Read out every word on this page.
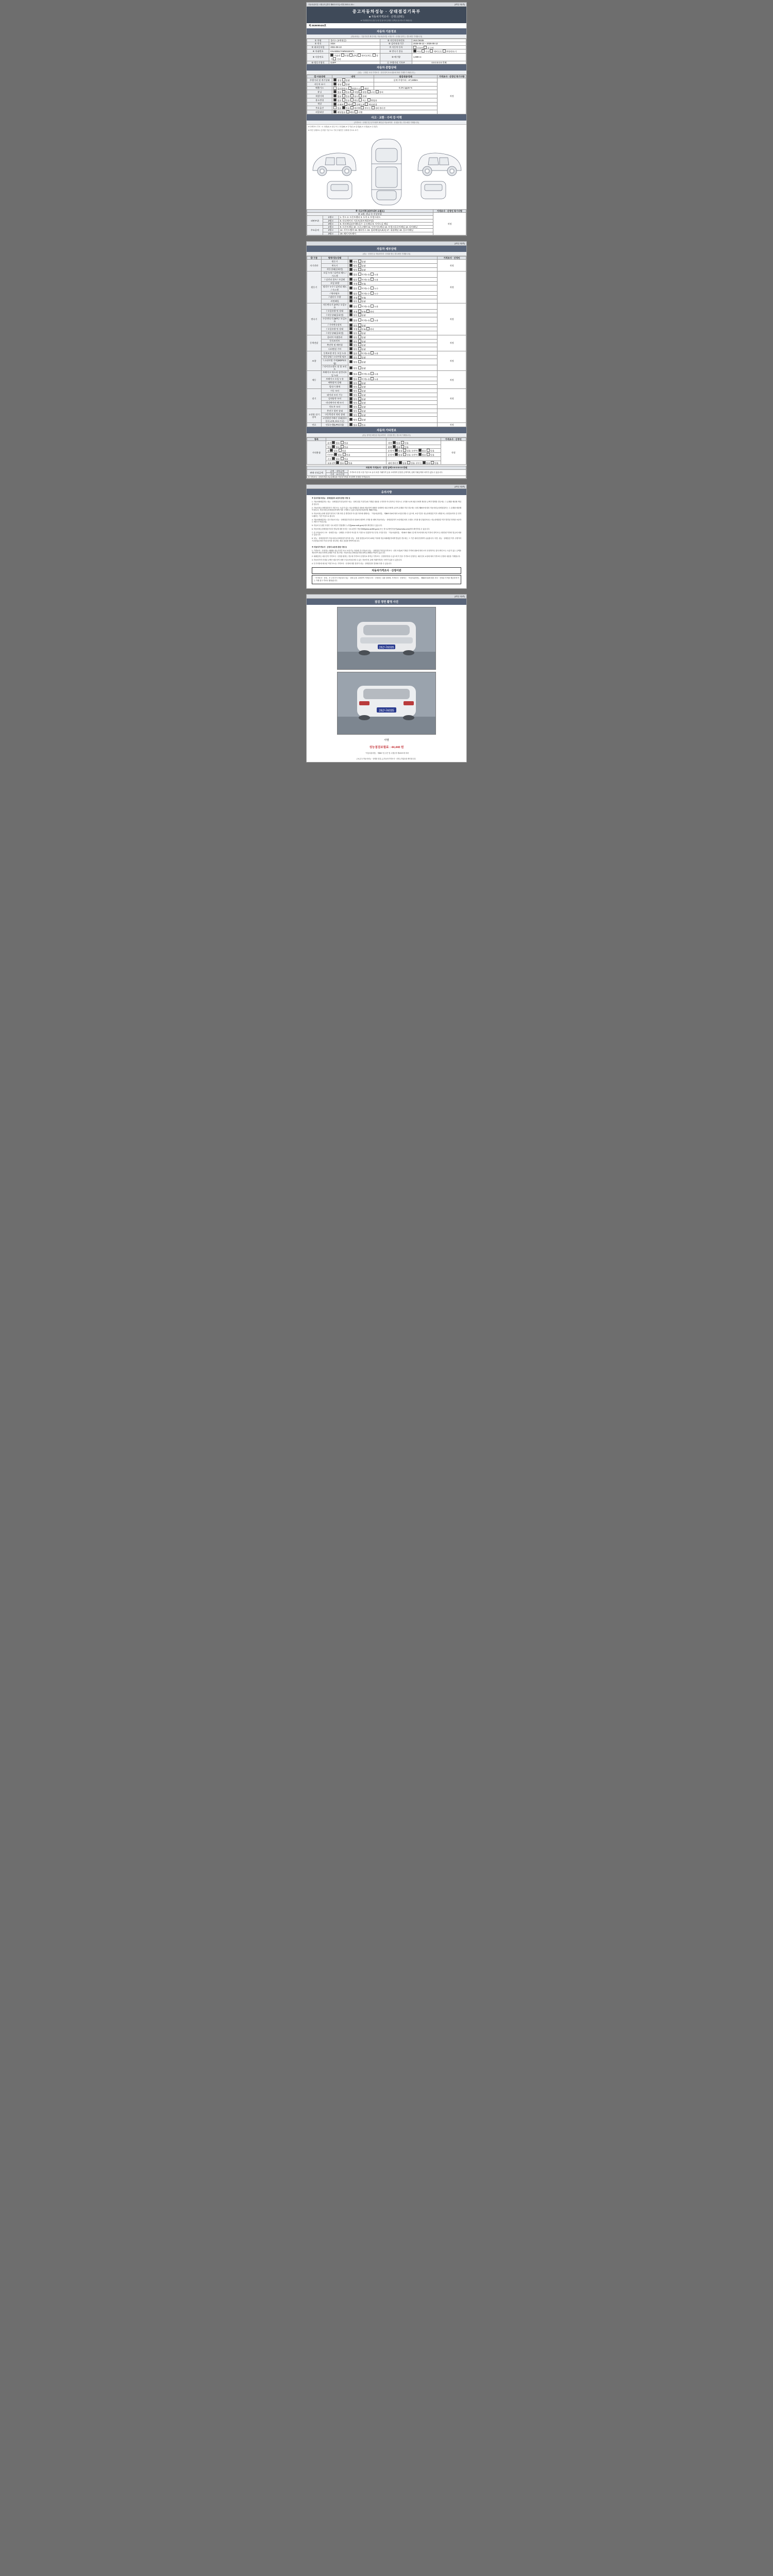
자동차관리법 시행규칙 [별지 제82호서식] <개정 2021.1.15.>	(3쪽중 제1쪽)
중고자동차성능 · 상태점검기록부
■ 자동차가격조사 · 산정 (선택 )
※ 작성방법이나 관련 규정 및 용어의 설명은 뒤쪽을 참고하시기 바랍니다.
제 2526000434호
자동차 기본정보
(자동차성능 · 기술기록부 확인사항, 자동차관리법 시행규칙 : 산정물 불이는 경우에만 기재합니다)
① 차명	쏠라스 (4세대급)	⑤ 자동차등록번호	262냐6035
② 연식	2024	⑥ 검사유효기간	2025-06-13 ~ 2026-06-12
③ 최초등록일	2021-06-13	⑦ 자동차 등록	신조차 중고차
④ 차대번호	KNAEB5171MN6150471	⑧ 변속기 종류	자동 수동 세미오토 무단변속기
⑨ 사용연료	가솔린 디젤 LPG 하이브리드 전기 기타	⑩ 배기량	1,598 cc
⑩ 원동기형식	G4FP	⑪ 주행거리 기록부	0 0 0 0 0 0 번째
자동차 종합상태
(성능 · 주행중 오차 가격조사 · 산정 항목 표시내용에 따라 기재하기 바랍니다.)
⑫ 사용상태	내역	점검내용/상태	가격조사 · 산정인 특기사항
주행거리 및 계기상태	정상 불량	실제 주행거리 : 47,183km	적정
자동차 표시	정상 불량		
배출가스	일산화탄소 탄화수소 매연	0.2% 1ppm %	
튜닝	없음 있음 적법 불법 구조 장치		
특별이력	없음 있음 침수 화재		
용도변경	없음 있음 렌트 리스 영업용		
색상	무채색 채색 전체도색 색상변경		
주요옵션	없음 있음 에어백 썬루프 내비게이션		
리콜대상	해당없음 해당 이행		
사고 · 교환 · 수리 등 이력
(가격조사 · 산정인 및 특기사항이 확인된 자동차이력 · 산정을 받는 경우에만 기재합니다)
※ 상태표시 부호 : ① 교환(X) ② 판금 또는 용접(W) ③ 부식(C) ④ 흠집(A) ⑤ 요철(U) ⑥ 손상(T)
※ 하단 상태표시 숫자를 기준으로 기록 부위만은 상태에 부호로 표기
※ 사고이력 (외부/내부 요철도)			가격조사 · 산정인 특기사항
※ 교환, 판금 등 이상부위			적정
외판부위	1랭크	1. 후드 2. 프론트휀더 3. 도어 4. 트렁크리드	
	2랭크	5. 라디에이터 서포트(볼트체결부품)	
	3랭크	6. 쿼터패널(리어휀더) 7. 루프패널 8. 사이드실 패널	
주요골격	1랭크	9. 프론트패널 10. 크로스멤버 11. 인사이드패널 12. 트렁크플로어패널 13. 리어패널	
	2랭크	14. 사이드멤버 15. 휠하우스 16. 필러패널(A,B,C) 17. 대쉬패널 18. 플로어패널	
	3랭크	19. 패키지트레이	
(3쪽중 제2쪽)
자동차 세부상태
(성능 · 산정인 등 자동차이력 · 산정을 받는 경우에만 기재합니다)
⑬ 구분	항목/성능상태		가격조사 · 산정인
자기진단	원동기	양호 불량	적정
	변속기	양호 불량	
	작동상태(공회전)	양호 불량	
원동기	오일 누유 / 실린더 헤드 / 가스켓	없음 미세누유 누유	적정
	/ 실린더 블록 / 오일팬	없음 미세누유 누유	
	오일 유량	적정 부족	
	냉각수 누수 / 실린더 헤드 / 가스켓	없음 미세누수 누수	
	/ 워터펌프	없음 미세누수 누수	
	/ 냉각수 수량	적정 부족	
	커먼레일	양호 불량	
변속기	자동변속기 (A/T) / 오일누유	없음 미세누유 누유	적정
	/ 오일유량 및 상태	적정 부족 과다	
	/ 작동상태(공회전)	양호 불량	
	수동변속기 (M/T) / 오일누유	없음 미세누유 누유	
	/ 기어변속장치	양호 불량	
	/ 오일유량 및 상태	적정 부족 과다	
	/ 작동상태(공회전)	양호 불량	
동력전달	클러치 어셈블리	양호 불량	적정
	등속조인트	양호 불량	
	추진축 및 베어링	양호 불량	
	디퍼렌셜 기어	양호 불량	
조향	동력조향 작동 오일 누유	없음 미세누유 누유	적정
	작동상태 / 스티어링 펌프	양호 불량	
	/ 스티어링 기어(MDPS포함)	양호 불량	
	/ 타이로드엔드 및 볼 조인트	양호 불량	
제동	브레이크 마스터 실린더오일 누유	없음 미세누유 누유	적정
	브레이크 오일 누유	없음 미세누유 누유	
	배력장치 상태	양호 불량	
	발전기 출력	양호 불량	
전기	시동 모터	양호 불량	적정
	와이퍼 모터 기능	양호 불량	
	실내송풍 모터	양호 불량	
	라디에이터 팬 모터	양호 불량	
	윈도우 모터	양호 불량	
고전원 전기장치	충전구 절연 상태	양호 불량	
	구동축전지 격리 상태	양호 불량	
	고전원전기배선 상태(접속단자,피복,보호기구)	양호 불량	
연료	연료누출(LPG포함)	없음 있음	적정
자동차 기타정보
(성능 항목중 확인된 자동차이력 · 산정을 받는 경우에 기재합니다)
항목			가격조사 · 산정인
사내용품	유리 없음 있음	내장 없음 있음	적정
	열선 없음 있음	광택 없음 있음	
	룸 없음 있음	운전석 없음 있음 동반석 없음 있음	
	타이어 없음 있음	운전석 없음 있음 동반석 없음 있음	
	속도 없음 있음		
	보유내역 없음 있음	네비게이션 없음 있음 선루프 없음 있음	
자동차 가격조사 · 산정 금액 0 0 0 0 0 0 만원
판매·산정금액	금액 · 내역금액	가격조사·산정 시점 기준으로 유사 차종 거래가격 등을 고려하여 산정한 금액이며, 실제 거래금액과 차이가 있을 수 있습니다.
가격 · 조사산정
※ 가격조사 · 산정자격을 보유업체일을 자동차가격을 조사하여 산정한 가격입니다.
(3쪽중 제3쪽)
유의사항
※ 중고자동차성능 · 상태점검의 보증에 관한 사항 등
1. 자동차매매업자는 성능 · 상태점검기록부(이하 '성능 · 상태 점검 기록부')에 기재된 내용을 고지하지 아니하거나 거짓으로 고지할으로써 매수인에게 재산상 금액가 발생한 경우에는 그 손해를 배상할 책임을 집니다.
2. 자동차성능상태점검자가 거짓 또는 오류가 있는 성능상태점검 내용을 제공하여 대배의 상대방인 매수인에게 금전적 손해를 끼친 경우에는 상법 제69조에 따라 자동차성능상태점검자는 그 손해를 배상해야 합니다. 자동차성능상태점검자에게 이를 구성할 수 있습니다(자동차관리법 제58조의4).
3. 자동차성능상태 점검기록부의 기재 사항 중 발견되지 아니한 하자에 대해서는 「자동차관리법」 제58조의4에 따라 보증을 받을 수 있으며, 보증기간은 성능상태점검 이후 1개월 또는 2천킬로미터 중 먼저 도래하는 기간 이상으로 합니다.
4. 자동차매매업자는 중고자동차 성능 · 상태점검기록부의 내용에 대하여 고객을 볼 때에 자동차성능 · 상태점검자가 보증범위 외의 고장을 고지를 합니다(단서로는 성능상태점검 이후 발견된 하자를 보증하는 제도가 아닙니다).
5. 자동차 선 관련 사항은 국토교통부 민원센터 누리집(www.molit.go.kr)에서 확인할 수 있습니다.
6. 자동차성능상태점검기록부 발급에 대한 문의는 국토교통부 자동차365(www.car365.go.kr) 또는 한국교통안전공단(www.kotsa.or.kr)에서 확인하실 수 있습니다.
7. 중고자동차의 구조 · 장치별 성능 · 상태를 고지하지 아니한 자 거짓으로 점검하거나 부정 고지한 경우 「자동차관리법」 제 80조 제6호 및 제 7호에 따라 2년 이하의 징역 또는 2천만원 이하의 벌금에 처할 수 있습니다.
8. 성능 · 상태점검자가 자동차성능상태점검기록부를 성능 · 상태 점검일로부터 120일 이내에 자동차매매업자에게 발급한 경우에는 그 기간 내에 한정하여 유효합니다. 다만, 성능 · 상태점검 이후 주행거리가 2천킬로미터 이상 증가한 경우에는 새로 점검을 받아야 합니다.
※ 자동차가격조사 · 산정의 보증에 관한 사항 등
1. 가격조사 · 산정자는 매매용 성능기록부 표시 보증기능 아내에 중고자동차 성능 · 상태점검기록부(가격조사 · 산정 포함)에 기재된 가격에 내용에 따라 조사 산정하거나 검사 확인 또는 오류가 있는 금액을 제시하여 매수인에게 손해를 끼친 경우에는 자동차성능상태점검자와 함께 손해배상 책임이 있습니다.
2. 매매업자는 매수인이 가격조사 · 산정을 원하는 경우에 가격조사 산정자로 하여금 가격조사 · 산정하게 할 수 있으며 이 경우 가격조사 산정자는 매수인의 요청에 따라 가격조사 산정의 내용을 기재합니다.
3. 자동차가격 산정된 금액은 매수인이 차량 구입시에 참고할 수 있는 자료이며, 실제 거래가격과는 차이가 있을 수 있습니다.
4. 특기사항에 체크된 '적정' 표시는 가격조사 · 산정에 대한 결과가 성능 · 상태점검의 결과와 다를 수 있습니다.
자동차가격조사 · 산정이란
「가격조사 · 산정」은 고지가기 자동차의 성능 · 상태 등을 고려하여 가격을 조사 · 산정하는 것을 말하며, 가격조사 · 산정자는 「자동차관리법」 제58조의4에 따라 조사 · 산정된 가격을 제공하며 이는 거래 참고 자료로 활용됩니다.
(3쪽중 제3쪽)
점검 정면 촬영 사진
262나6035
262나6035
서명
성능점검보험료 : 44,440 원
「자동차관리법」 제58조 및 같은 법 시행규칙 제120조에 따라
[ ¥ ] 중고자동차성능 · 상태를 점검, [ ] 자동차가격조사 · 산정 ) 하였음을 확인합니다.
